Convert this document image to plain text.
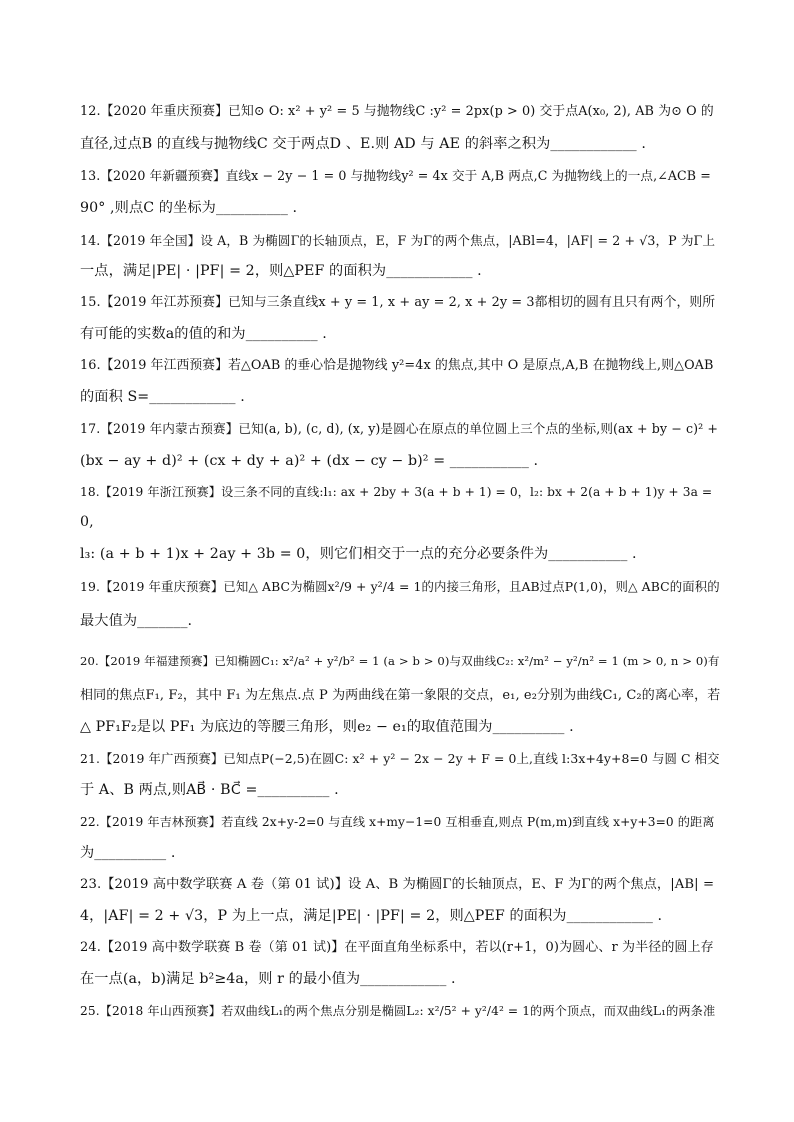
12.【2020 年重庆预赛】已知⊙ O: x² + y² = 5 与抛物线C :y² = 2px(p > 0) 交于点A(x₀, 2), AB 为⊙ O 的
直径,过点B 的直线与抛物线C 交于两点D 、E.则 AD 与 AE 的斜率之积为____________ .
13.【2020 年新疆预赛】直线x − 2y − 1 = 0 与抛物线y² = 4x 交于 A,B 两点,C 为抛物线上的一点,∠ACB =
90° ,则点C 的坐标为__________ .
14.【2019 年全国】设 A，B 为椭圆Γ的长轴顶点，E，F 为Γ的两个焦点，|ABl=4，|AF| = 2 + √3，P 为Γ上
一点，满足|PE| · |PF| = 2，则△PEF 的面积为____________ .
15.【2019 年江苏预赛】已知与三条直线x + y = 1, x + ay = 2, x + 2y = 3都相切的圆有且只有两个，则所
有可能的实数a的值的和为__________ .
16.【2019 年江西预赛】若△OAB 的垂心恰是抛物线 y²=4x 的焦点,其中 O 是原点,A,B 在抛物线上,则△OAB
的面积 S=____________ .
17.【2019 年内蒙古预赛】已知(a, b), (c, d), (x, y)是圆心在原点的单位圆上三个点的坐标,则(ax + by − c)² +
(bx − ay + d)² + (cx + dy + a)² + (dx − cy − b)² = ___________ .
18.【2019 年浙江预赛】设三条不同的直线:l₁: ax + 2by + 3(a + b + 1) = 0，l₂: bx + 2(a + b + 1)y + 3a =
0,
l₃: (a + b + 1)x + 2ay + 3b = 0，则它们相交于一点的充分必要条件为___________ .
19.【2019 年重庆预赛】已知△ ABC为椭圆x²/9 + y²/4 = 1的内接三角形，且AB过点P(1,0)，则△ ABC的面积的
最大值为_______.
20.【2019 年福建预赛】已知椭圆C₁: x²/a² + y²/b² = 1 (a > b > 0)与双曲线C₂: x²/m² − y²/n² = 1 (m > 0, n > 0)有
相同的焦点F₁, F₂，其中 F₁ 为左焦点.点 P 为两曲线在第一象限的交点，e₁, e₂分别为曲线C₁, C₂的离心率，若
△ PF₁F₂是以 PF₁ 为底边的等腰三角形，则e₂ − e₁的取值范围为__________ .
21.【2019 年广西预赛】已知点P(−2,5)在圆C: x² + y² − 2x − 2y + F = 0上,直线 l:3x+4y+8=0 与圆 C 相交
于 A、B 两点,则AB⃗ · BC⃗ =__________ .
22.【2019 年吉林预赛】若直线 2x+y-2=0 与直线 x+my−1=0 互相垂直,则点 P(m,m)到直线 x+y+3=0 的距离
为__________ .
23.【2019 高中数学联赛 A 卷（第 01 试)】设 A、B 为椭圆Γ的长轴顶点，E、F 为Γ的两个焦点，|AB| =
4，|AF| = 2 + √3，P 为上一点，满足|PE| · |PF| = 2，则△PEF 的面积为____________ .
24.【2019 高中数学联赛 B 卷（第 01 试)】在平面直角坐标系中，若以(r+1，0)为圆心、r 为半径的圆上存
在一点(a，b)满足 b²≥4a，则 r 的最小值为____________ .
25.【2018 年山西预赛】若双曲线L₁的两个焦点分别是椭圆L₂: x²/5² + y²/4² = 1的两个顶点，而双曲线L₁的两条准
